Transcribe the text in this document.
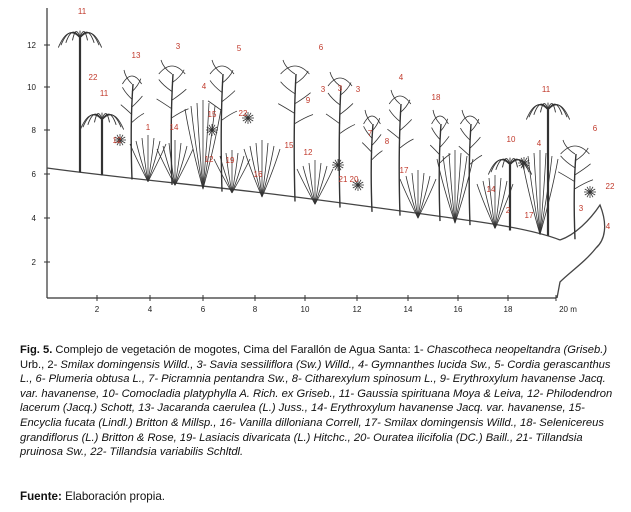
2
4
6
8
10
12
2	4	6	8	10	12	14	16	18	20 m
11
22
11
12
13
3
1 14
4
5
15
12 19
22
6
9
3 3 3
16
15
12
21 20
7
4
8
17
18
11
10	4
6
14
2
17
22
3
4
Fig. 5. Complejo de vegetación de mogotes, Cima del Farallón de Agua Santa: 1- Chascotheca neopeltandra (Griseb.) Urb., 2- Smilax domingensis Willd., 3- Savia sessiliflora (Sw.) Willd., 4- Gymnanthes lucida Sw., 5- Cordia gerascanthus L., 6- Plumeria obtusa L., 7- Picramnia pentandra Sw., 8- Citharexylum spinosum L., 9- Erythroxylum havanense Jacq. var. havanense, 10- Comocladia platyphylla A. Rich. ex Griseb., 11- Gaussia spirituana Moya & Leiva, 12- Philodendron lacerum (Jacq.) Schott, 13- Jacaranda caerulea (L.) Juss., 14- Erythroxylum havanense Jacq. var. havanense, 15- Encyclia fucata (Lindl.) Britton & Millsp., 16- Vanilla dilloniana Correll, 17- Smilax domingensis Willd., 18- Selenicereus grandiflorus (L.) Britton & Rose, 19- Lasiacis divaricata (L.) Hitchc., 20- Ouratea ilicifolia (DC.) Baill., 21- Tillandsia pruinosa Sw., 22- Tillandsia variabilis Schltdl.
Fuente: Elaboración propia.
